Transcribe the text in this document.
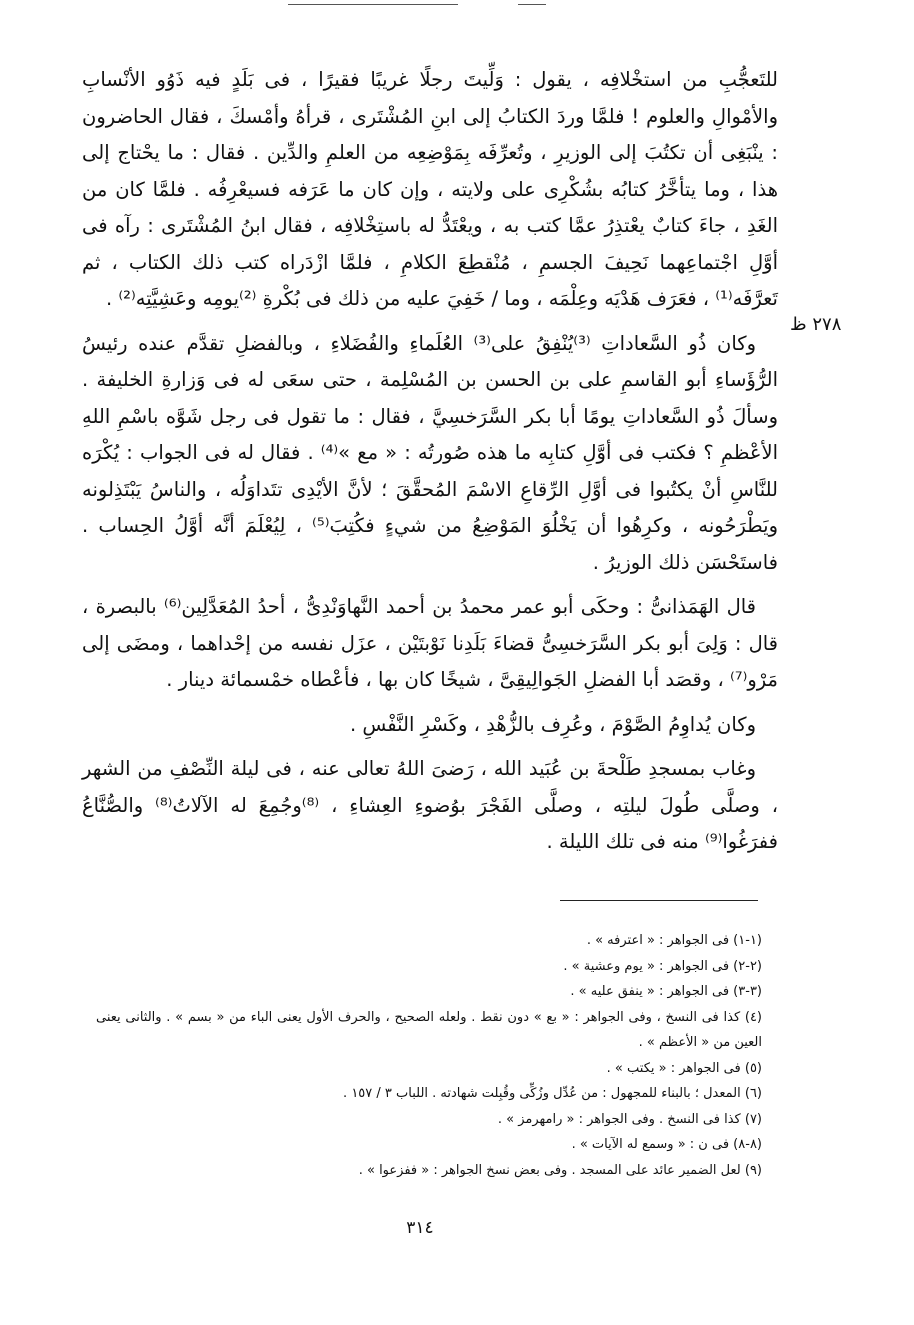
٢٧٨ ظ

للتَعجُّبِ من استخْلافِه ، يقول : وَلِّيتَ رجلًا غريبًا فقيرًا ، فى بَلَدٍ فيه ذَوُو الأنْسابِ والأمْوالِ والعلوم ! فلمَّا وردَ الكتابُ إلى ابنِ المُشْتَرى ، قرأهُ وأمْسكَ ، فقال الحاضرون : ينْبَغِى أن تكتُبَ إلى الوزيرِ ، وتُعرِّفَه بِمَوْضِعِه من العلمِ والدِّين . فقال : ما يحْتاج إلى هذا ، وما يتأخَّرُ كتابُه بشُكْرِى على ولايته ، وإن كان ما عَرَفه فسيعْرِفُه . فلمَّا كان من الغَدِ ، جاءَ كتابٌ يعْتذِرُ عمَّا كتب به ، ويعْتَدُّ له باستِخْلافِه ، فقال ابنُ المُشْتَرى : رآه فى أوَّلِ اجْتماعِهما نَحِيفَ الجسمِ ، مُنْقطِعَ الكلامِ ، فلمَّا ازْدَراه كتب ذلك الكتاب ، ثم تَعرَّفَه⁽¹⁾ ، فعَرَف هَدْيَه وعِلْمَه ، وما / خَفِيَ عليه من ذلك فى بُكْرةِ ⁽²⁾يومِه وعَشِيَّتِه⁽²⁾ .

وكان ذُو السَّعاداتِ ⁽³⁾يُنْفِقُ على⁽³⁾ العُلَماءِ والفُضَلاءِ ، وبالفضلِ تقدَّم عنده رئيسُ الرُّؤَساءِ أبو القاسمِ على بن الحسن بن المُسْلِمة ، حتى سعَى له فى وَزارةِ الخليفة . وسألَ ذُو السَّعاداتِ يومًا أبا بكر السَّرَخسِيَّ ، فقال : ما تقول فى رجل شَوَّه باسْمِ اللهِ الأعْظمِ ؟ فكتب فى أوَّلِ كتابِه ما هذه صُورتُه : « مع »⁽⁴⁾ . فقال له فى الجواب : يُكْرَه للنَّاسِ أنْ يكتُبوا فى أوَّلِ الرِّقاعِ الاسْمَ المُحقَّقَ ؛ لأنَّ الأيْدِى تتَداوَلُه ، والناسُ يَبْتَذِلونه ويَطْرَحُونه ، وكرِهُوا أن يَخْلُوَ المَوْضِعُ من شيءٍ فكُتِبَ⁽⁵⁾ ، لِيُعْلَمَ أنَّه أوَّلُ الحِساب . فاستَحْسَن ذلك الوزيرُ .

قال الهَمَذانىُّ : وحكَى أبو عمر محمدُ بن أحمد النَّهاوَنْدِىُّ ، أحدُ المُعَدَّلِين⁽⁶⁾ بالبصرة ، قال : وَلِىَ أبو بكر السَّرَخسِىُّ قضاءَ بَلَدِنا نَوْبتَيْن ، عزَل نفسه من إحْداهما ، ومضَى إلى مَرْو⁽⁷⁾ ، وقصَد أبا الفضلِ الجَوالِيقِىَّ ، شيخًا كان بها ، فأعْطاه خمْسمائة دينار .

وكان يُداوِمُ الصَّوْمَ ، وعُرِف بالزُّهْدِ ، وكَسْرِ النَّفْسِ .

وغاب بمسجدِ طَلْحةَ بن عُبَيد الله ، رَضىَ اللهُ تعالى عنه ، فى ليلة النِّصْفِ من الشهر ، وصلَّى طُولَ ليلتِه ، وصلَّى الفَجْرَ بوُضوءِ العِشاءِ ، ⁽⁸⁾وجُمِعَ له الآلاتُ⁽⁸⁾ والصُّنَّاعُ ففرَغُوا⁽⁹⁾ منه فى تلك الليلة .

(١-١) فى الجواهر : « اعترفه » .

(٢-٢) فى الجواهر : « يوم وعشية » .

(٣-٣) فى الجواهر : « ينفق عليه » .

(٤) كذا فى النسخ ، وفى الجواهر : « بع » دون نقط . ولعله الصحيح ، والحرف الأول يعنى الباء من « بسم » . والثانى يعنى العين من « الأعظم » .

(٥) فى الجواهر : « يكتب » .

(٦) المعدل ؛ بالبناء للمجهول : من عُدِّل وزُكِّى وقُبِلت شهادته . اللباب ٣ / ١٥٧ .

(٧) كذا فى النسخ . وفى الجواهر : « رامهرمز » .

(٨-٨) فى ن : « وسمع له الآيات » .

(٩) لعل الضمير عائد على المسجد . وفى بعض نسخ الجواهر : « ففزعوا » .

٣١٤
